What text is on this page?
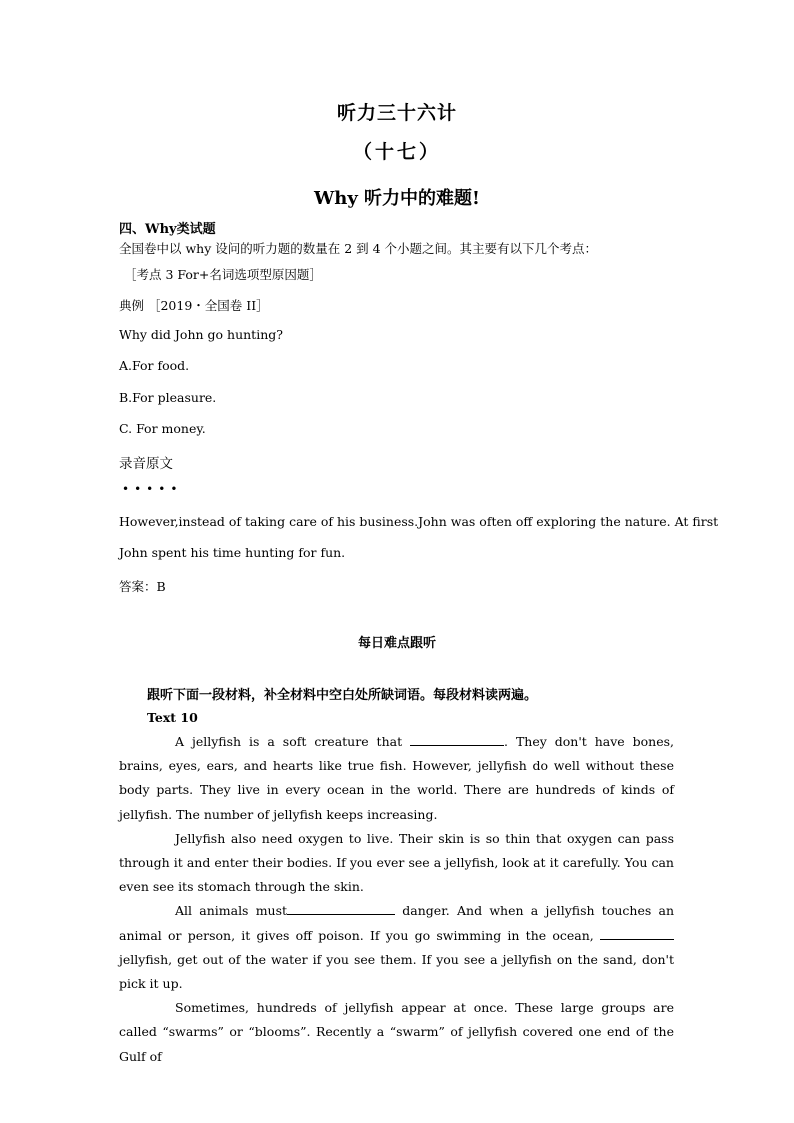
听力三十六计
（十七）
Why 听力中的难题!
四、Why类试题
全国卷中以 why 设问的听力题的数量在 2 到 4 个小题之间。其主要有以下几个考点：
［考点 3 For+名词选项型原因题］
典例 ［2019・全国卷 II］
Why did John go hunting?
A.For food.
B.For pleasure.
C. For money.
录音原文
•••••
However,instead of taking care of his business.John was often off exploring the nature. At first
John spent his time hunting for fun.
答案：B
每日难点跟听
跟听下面一段材料，补全材料中空白处所缺词语。每段材料读两遍。
Text 10

A jellyfish is a soft creature that	. They don't have bones, brains, eyes, ears, and hearts like true fish. However, jellyfish do well without these body parts. They live in every ocean in the world. There are hundreds of kinds of jellyfish. The number of jellyfish keeps increasing.

Jellyfish also need oxygen to live. Their skin is so thin that oxygen can pass through it and enter their bodies. If you ever see a jellyfish, look at it carefully. You can even see its stomach through the skin.

All animals must	danger. And when a jellyfish touches an animal or person, it gives off poison. If you go swimming in the ocean, jellyfish, get out of the water if you see them. If you see a jellyfish on the sand, don't pick it up.

Sometimes, hundreds of jellyfish appear at once. These large groups are called “swarms” or “blooms”. Recently a “swarm” of jellyfish covered one end of the Gulf of
